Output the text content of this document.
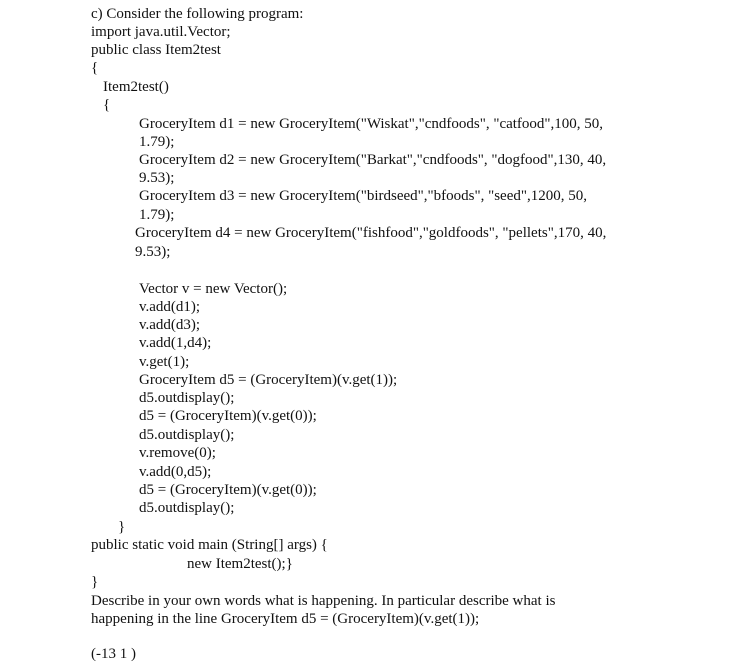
c) Consider the following program:
import java.util.Vector;
public class Item2test
{
Item2test()
{
GroceryItem d1 = new GroceryItem("Wiskat","cndfoods", "catfood",100, 50,
1.79);
GroceryItem d2 = new GroceryItem("Barkat","cndfoods", "dogfood",130, 40,
9.53);
GroceryItem d3 = new GroceryItem("birdseed","bfoods", "seed",1200, 50,
1.79);
GroceryItem d4 = new GroceryItem("fishfood","goldfoods", "pellets",170, 40,
9.53);
Vector v = new Vector();
v.add(d1);
v.add(d3);
v.add(1,d4);
v.get(1);
GroceryItem d5 = (GroceryItem)(v.get(1));
d5.outdisplay();
d5 = (GroceryItem)(v.get(0));
d5.outdisplay();
v.remove(0);
v.add(0,d5);
d5 = (GroceryItem)(v.get(0));
d5.outdisplay();
}
public static void main (String[] args) {
new Item2test();}
}
Describe in your own words what is happening. In particular describe what is
happening in the line GroceryItem d5 = (GroceryItem)(v.get(1));
(-13 1 )
